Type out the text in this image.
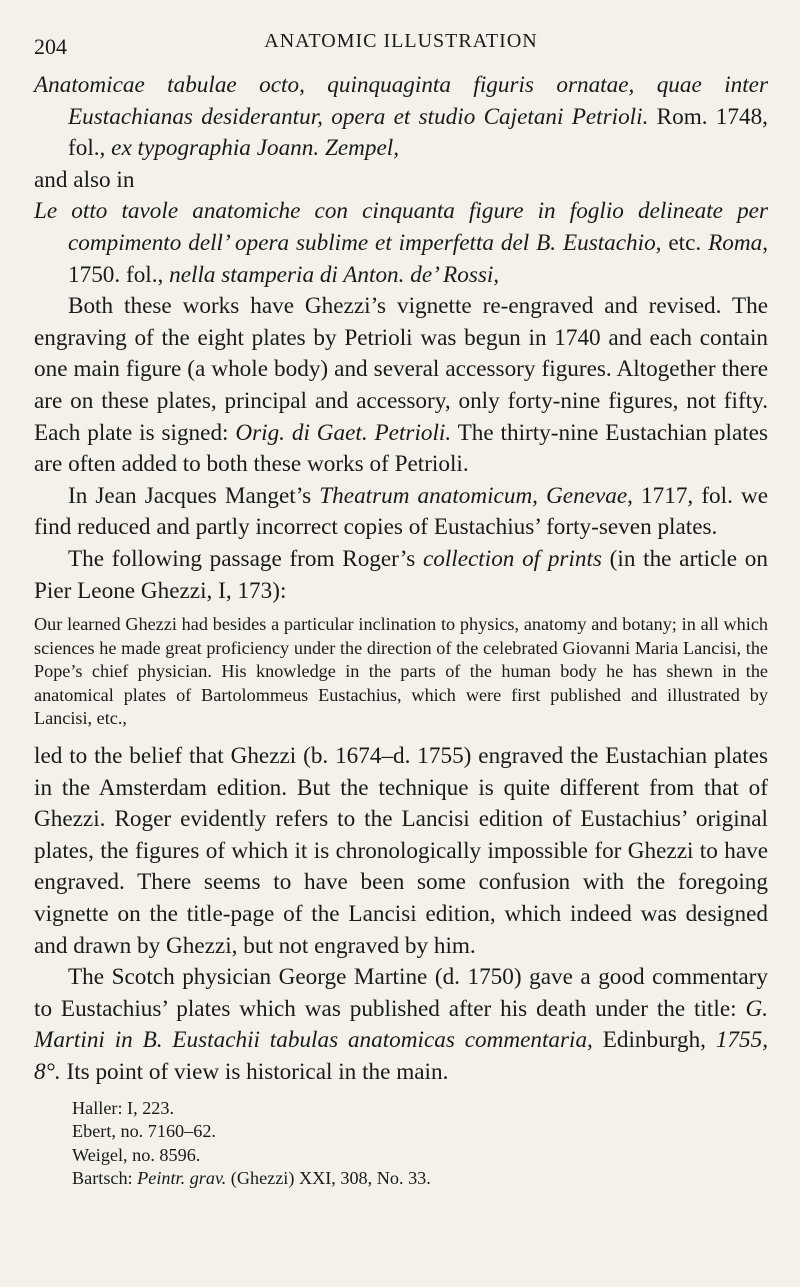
204	ANATOMIC ILLUSTRATION

Anatomicae tabulae octo, quinquaginta figuris ornatae, quae inter Eustachianas desiderantur, opera et studio Cajetani Petrioli. Rom. 1748, fol., ex typographia Joann. Zempel,

and also in

Le otto tavole anatomiche con cinquanta figure in foglio delineate per compimento dell’ opera sublime et imperfetta del B. Eustachio, etc. Roma, 1750. fol., nella stamperia di Anton. de’ Rossi,

Both these works have Ghezzi’s vignette re-engraved and revised. The engraving of the eight plates by Petrioli was begun in 1740 and each contain one main figure (a whole body) and several accessory figures. Altogether there are on these plates, principal and accessory, only forty-nine figures, not fifty. Each plate is signed: Orig. di Gaet. Petrioli. The thirty-nine Eustachian plates are often added to both these works of Petrioli.

In Jean Jacques Manget’s Theatrum anatomicum, Genevae, 1717, fol. we find reduced and partly incorrect copies of Eustachius’ forty-seven plates.

The following passage from Roger’s collection of prints (in the article on Pier Leone Ghezzi, I, 173):

Our learned Ghezzi had besides a particular inclination to physics, anatomy and botany; in all which sciences he made great proficiency under the direction of the celebrated Giovanni Maria Lancisi, the Pope’s chief physician. His knowledge in the parts of the human body he has shewn in the anatomical plates of Bartolommeus Eustachius, which were first published and illustrated by Lancisi, etc.,

led to the belief that Ghezzi (b. 1674–d. 1755) engraved the Eustachian plates in the Amsterdam edition. But the technique is quite different from that of Ghezzi. Roger evidently refers to the Lancisi edition of Eustachius’ original plates, the figures of which it is chronologically impossible for Ghezzi to have engraved. There seems to have been some confusion with the foregoing vignette on the title-page of the Lancisi edition, which indeed was designed and drawn by Ghezzi, but not engraved by him.

The Scotch physician George Martine (d. 1750) gave a good commentary to Eustachius’ plates which was published after his death under the title: G. Martini in B. Eustachii tabulas anatomicas commentaria, Edinburgh, 1755, 8°. Its point of view is historical in the main.

Haller: I, 223.
Ebert, no. 7160–62.
Weigel, no. 8596.
Bartsch: Peintr. grav. (Ghezzi) XXI, 308, No. 33.
